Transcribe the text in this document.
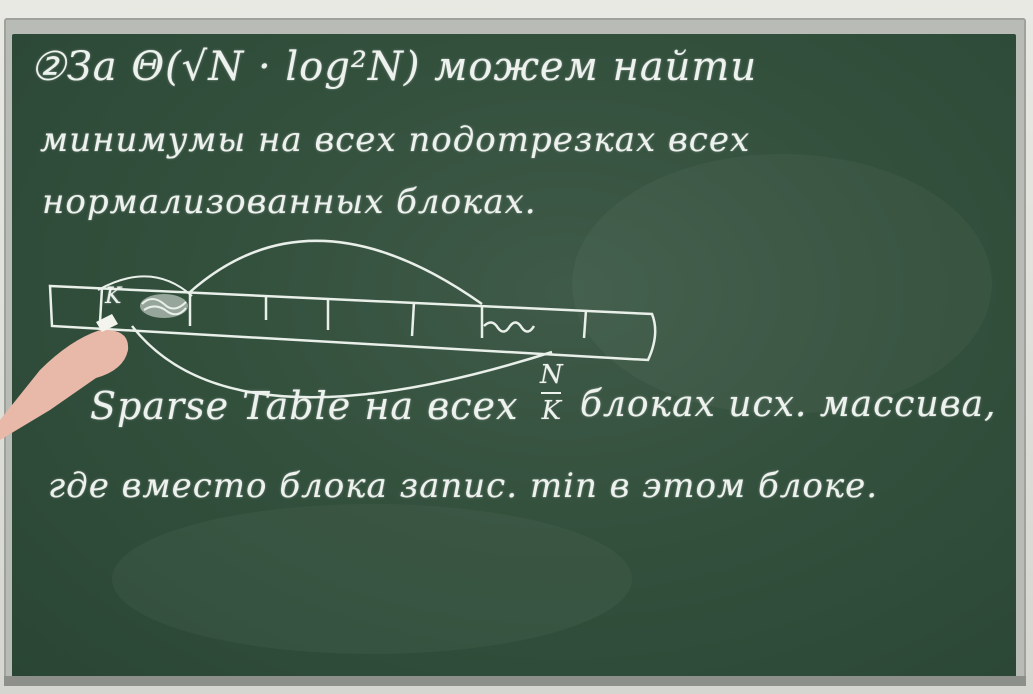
②За Θ(√N · log²N) можем найти
минимумы на всех подотрезках всех
нормализованных блоках.
K
Sparse Table на всех
N
K блоках исх. массива,
где вместо блока запис. min в этом блоке.
